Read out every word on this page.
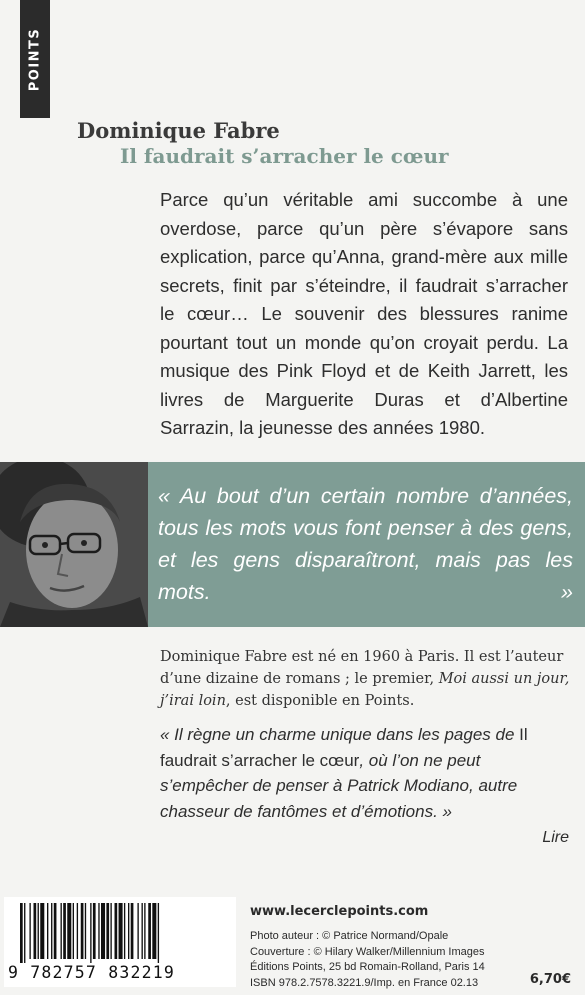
POINTS
Dominique Fabre
Il faudrait s’arracher le cœur

Parce qu’un véritable ami succombe à une overdose, parce qu’un père s’évapore sans explication, parce qu’Anna, grand-mère aux mille secrets, finit par s’éteindre, il faudrait s’arracher le cœur… Le souvenir des blessures ranime pourtant tout un monde qu’on croyait perdu. La musique des Pink Floyd et de Keith Jarrett, les livres de Marguerite Duras et d’Albertine Sarrazin, la jeunesse des années 1980.

« Au bout d’un certain nombre d’années, tous les mots vous font penser à des gens, et les gens disparaîtront, mais pas les mots. »

Dominique Fabre est né en 1960 à Paris. Il est l’auteur d’une dizaine de romans ; le premier, Moi aussi un jour, j’irai loin, est disponible en Points.

« Il règne un charme unique dans les pages de Il faudrait s’arracher le cœur, où l’on ne peut s’empêcher de penser à Patrick Modiano, autre chasseur de fantômes et d’émotions. »

Lire

9 782757 832219

www.lecerclepoints.com

Photo auteur : © Patrice Normand/Opale
Couverture : © Hilary Walker/Millennium Images
Éditions Points, 25 bd Romain-Rolland, Paris 14
ISBN 978.2.7578.3221.9/Imp. en France 02.13	6,70€
